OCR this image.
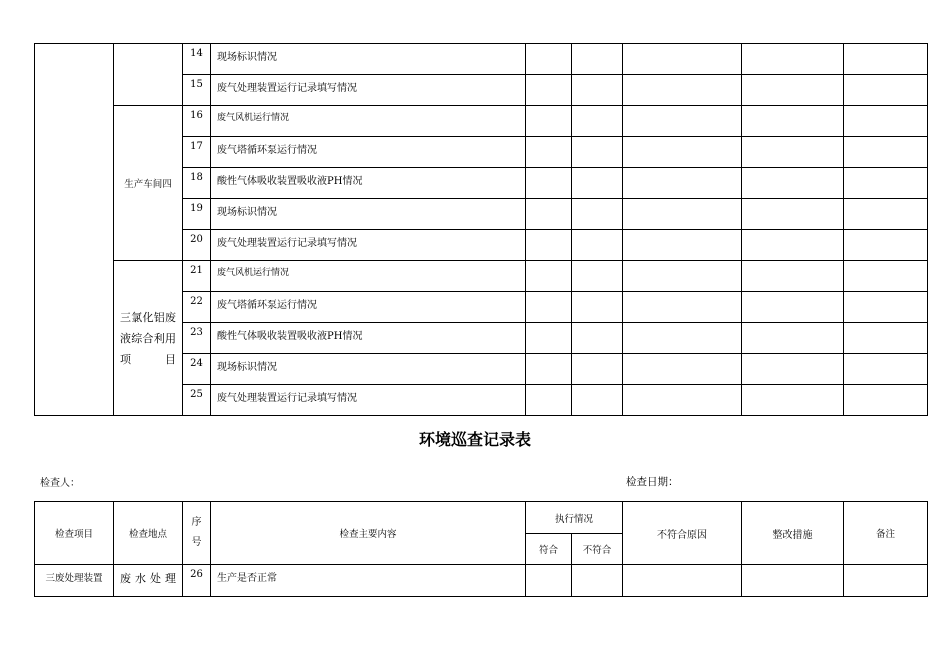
		14	现场标识情况					
		15	废气处理装置运行记录填写情况					
	生产车间四	16	废气风机运行情况					
		17	废气塔循环泵运行情况					
		18	酸性气体吸收装置吸收液PH情况					
		19	现场标识情况					
		20	废气处理装置运行记录填写情况					
	三氯化铝废液综合利用项目	21	废气风机运行情况					
		22	废气塔循环泵运行情况					
		23	酸性气体吸收装置吸收液PH情况					
		24	现场标识情况					
		25	废气处理装置运行记录填写情况					
环境巡查记录表
检查人：	检查日期：
检查项目	检查地点	序号	检查主要内容	执行情况		不符合原因	整改措施	备注
				符合	不符合			
三废处理装置	废水处理	26	生产是否正常					
